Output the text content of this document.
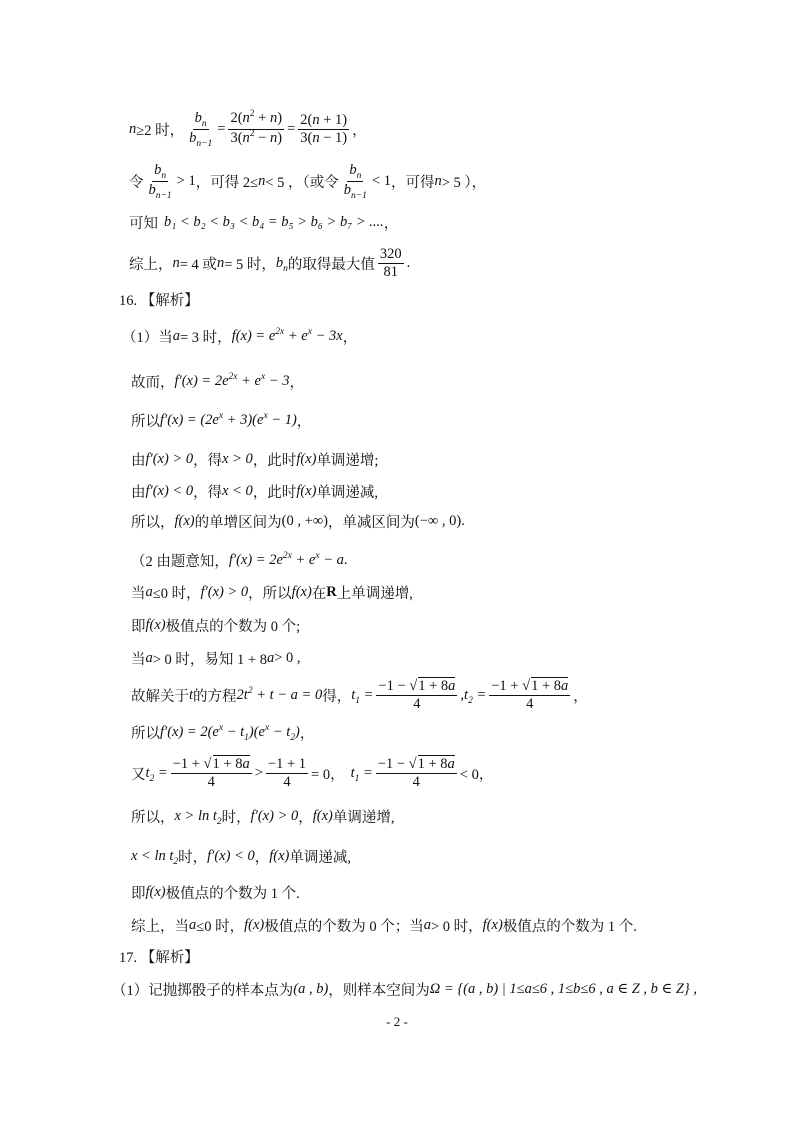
n ≥2 时， $\frac{b_n}{b_{n-1}} = \frac{2(n^2 + n)}{3(n^2 - n)} = \frac{2(n + 1)}{3(n - 1)}$ ，
令 $\frac{b_n}{b_{n-1}} > 1$ ，可得 2≤ n < 5 ，（或令 $\frac{b_n}{b_{n-1}} < 1$ ，可得 n > 5 ），
可知 b₁ < b₂ < b₃ < b₄ = b₅ > b₆ > b₇ > .... ，
综上， n = 4 或 n = 5 时， $b_n$ 的取得最大值 $\frac{320}{81}$ .
16. 【解析】
（1）当 a = 3 时， $f(x) = e^{2x} + e^x - 3x$ ，
故而， $f'(x) = 2e^{2x} + e^x - 3$ ，
所以 $f'(x) = (2e^x + 3)(e^x - 1)$ ，
由 f′(x) > 0 ，得 x > 0 ，此时 f(x) 单调递增;
由 f′(x) < 0 ，得 x < 0 ，此时 f(x) 单调递减,
所以， f(x) 的单增区间为 (0 , +∞) ，单减区间为 (−∞ , 0) .
（2 由题意知， $f'(x) = 2e^{2x} + e^x - a$ .
当 a ≤0 时， f′(x) > 0 ，所以 f(x) 在 R 上单调递增,
即 f(x) 极值点的个数为 0 个;
当 a > 0 时，易知 1 + 8 a > 0 ,
故解关于 t 的方程 $2t^2 + t - a = 0$ 得， $t_1 = \frac{-1 - √1 + 8a}{4}$ , $t_2 = \frac{-1 + √1 + 8a}{4}$ ，
所以 $f'(x) = 2(e^x - t_1)(e^x - t_2)$ ，
又 $t_2 = \frac{-1 + √1 + 8a}{4} > \frac{-1 + 1}{4} = 0$， $t_1 = \frac{-1 - √1 + 8a}{4} < 0$，
所以， $x > \ln t_2$ 时， f′(x) > 0 ， f(x) 单调递增,
$x < \ln t_2$ 时， f′(x) < 0 ， f(x) 单调递减,
即 f(x) 极值点的个数为 1 个.
综上，当 a ≤0 时， f(x) 极值点的个数为 0 个；当 a > 0 时， f(x) 极值点的个数为 1 个.
17. 【解析】
（1）记抛掷骰子的样本点为 (a , b) ，则样本空间为 Ω = {(a , b) | 1≤a≤6 , 1≤b≤6 , a ∈ Z , b ∈ Z} ,
- 2 -
